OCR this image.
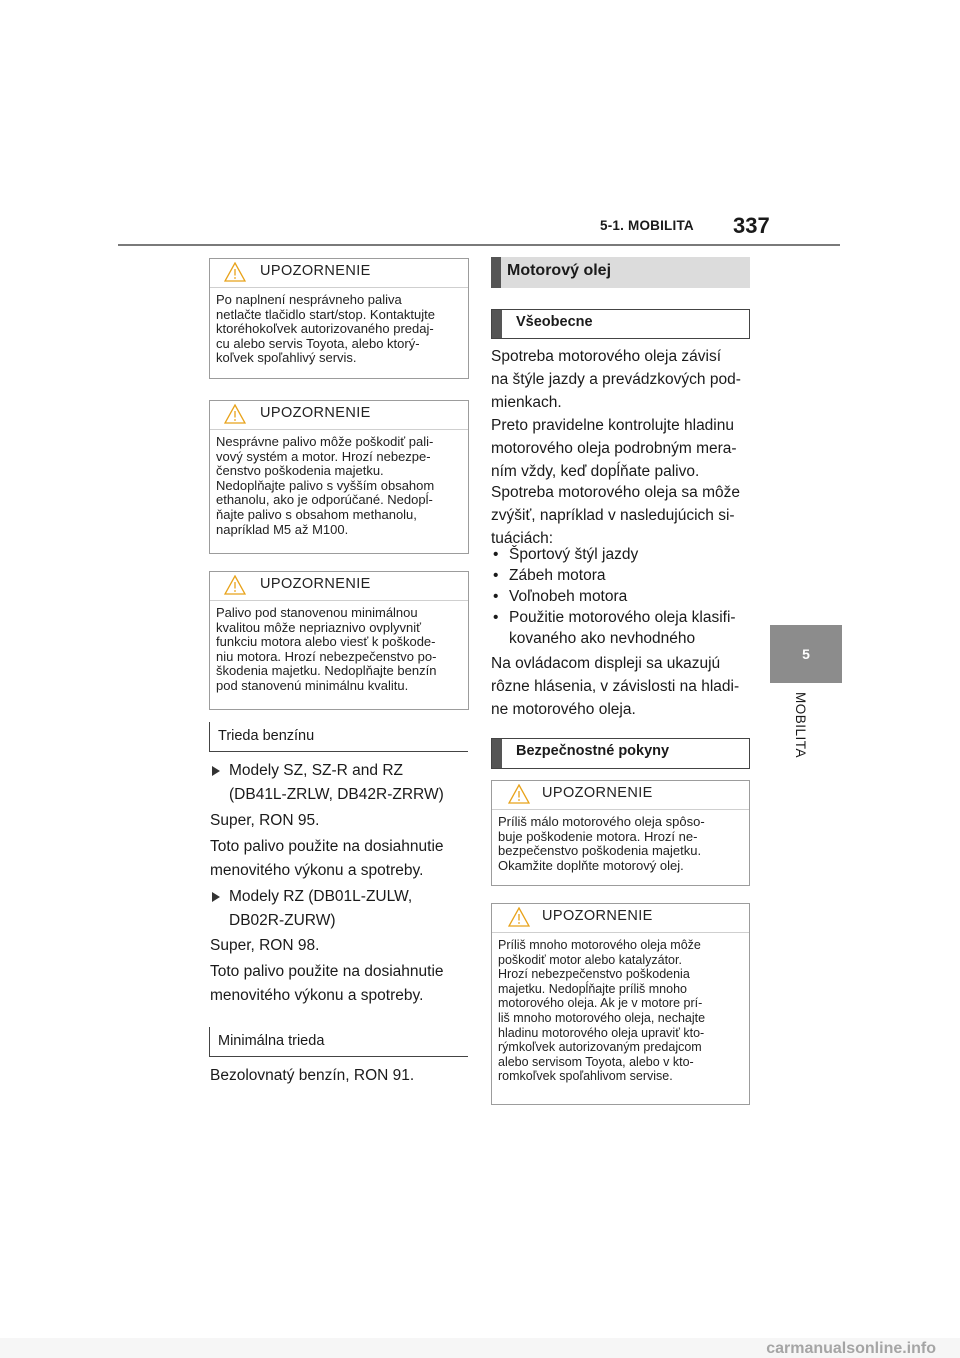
5-1. MOBILITA 337
5
MOBILITA
UPOZORNENIE
Po naplnení nesprávneho paliva
netlačte tlačidlo start/stop. Kontaktujte
ktoréhokoľvek autorizovaného predaj-
cu alebo servis Toyota, alebo ktorý-
koľvek spoľahlivý servis.
UPOZORNENIE
Nesprávne palivo môže poškodiť pali-
vový systém a motor. Hrozí nebezpe-
čenstvo poškodenia majetku.
Nedoplňajte palivo s vyšším obsahom
ethanolu, ako je odporúčané. Nedopĺ-
ňajte palivo s obsahom methanolu,
napríklad M5 až M100.
UPOZORNENIE
Palivo pod stanovenou minimálnou
kvalitou môže nepriaznivo ovplyvniť
funkciu motora alebo viesť k poškode-
niu motora. Hrozí nebezpečenstvo po-
škodenia majetku. Nedoplňajte benzín
pod stanovenú minimálnu kvalitu.
Trieda benzínu
Modely SZ, SZ-R and RZ
(DB41L-ZRLW, DB42R-ZRRW)
Super, RON 95.
Toto palivo použite na dosiahnutie
menovitého výkonu a spotreby.
Modely RZ (DB01L-ZULW,
DB02R-ZURW)
Super, RON 98.
Toto palivo použite na dosiahnutie
menovitého výkonu a spotreby.
Minimálna trieda
Bezolovnatý benzín, RON 91.
Motorový olej
Všeobecne
Spotreba motorového oleja závisí
na štýle jazdy a prevádzkových pod-
mienkach.
Preto pravidelne kontrolujte hladinu
motorového oleja podrobným mera-
ním vždy, keď dopĺňate palivo.
Spotreba motorového oleja sa môže
zvýšiť, napríklad v nasledujúcich si-
tuáciách:
• Športový štýl jazdy
• Zábeh motora
• Voľnobeh motora
• Použitie motorového oleja klasifi-
kovaného ako nevhodného
Na ovládacom displeji sa ukazujú
rôzne hlásenia, v závislosti na hladi-
ne motorového oleja.
Bezpečnostné pokyny
UPOZORNENIE
Príliš málo motorového oleja spôso-
buje poškodenie motora. Hrozí ne-
bezpečenstvo poškodenia majetku.
Okamžite doplňte motorový olej.
UPOZORNENIE
Príliš mnoho motorového oleja môže
poškodiť motor alebo katalyzátor.
Hrozí nebezpečenstvo poškodenia
majetku. Nedopĺňajte príliš mnoho
motorového oleja. Ak je v motore prí-
liš mnoho motorového oleja, nechajte
hladinu motorového oleja upraviť kto-
rýmkoľvek autorizovaným predajcom
alebo servisom Toyota, alebo v kto-
romkoľvek spoľahlivom servise.
carmanualsonline.info
